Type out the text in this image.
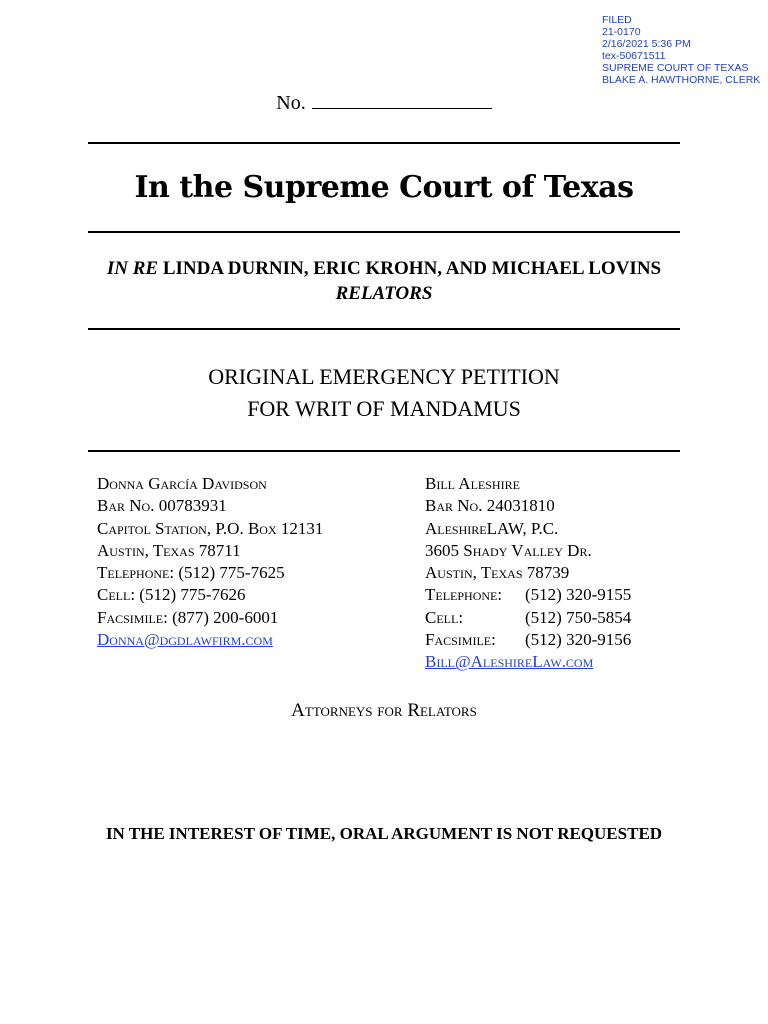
FILED
21-0170
2/16/2021 5:36 PM
tex-50671511
SUPREME COURT OF TEXAS
BLAKE A. HAWTHORNE, CLERK
No.
In the Supreme Court of Texas
IN RE LINDA DURNIN, ERIC KROHN, AND MICHAEL LOVINS
RELATORS
ORIGINAL EMERGENCY PETITION
FOR WRIT OF MANDAMUS
Donna García Davidson
Bar No. 00783931
Capitol Station, P.O. Box 12131
Austin, Texas 78711
Telephone: (512) 775-7625
Cell: (512) 775-7626
Facsimile: (877) 200-6001
Donna@dgdlawfirm.com
Bill Aleshire
Bar No. 24031810
AleshireLAW, P.C.
3605 Shady Valley Dr.
Austin, Texas 78739
Telephone: (512) 320-9155
Cell:	(512) 750-5854
Facsimile: (512) 320-9156
Bill@AleshireLaw.com
Attorneys for Relators
IN THE INTEREST OF TIME, ORAL ARGUMENT IS NOT REQUESTED
